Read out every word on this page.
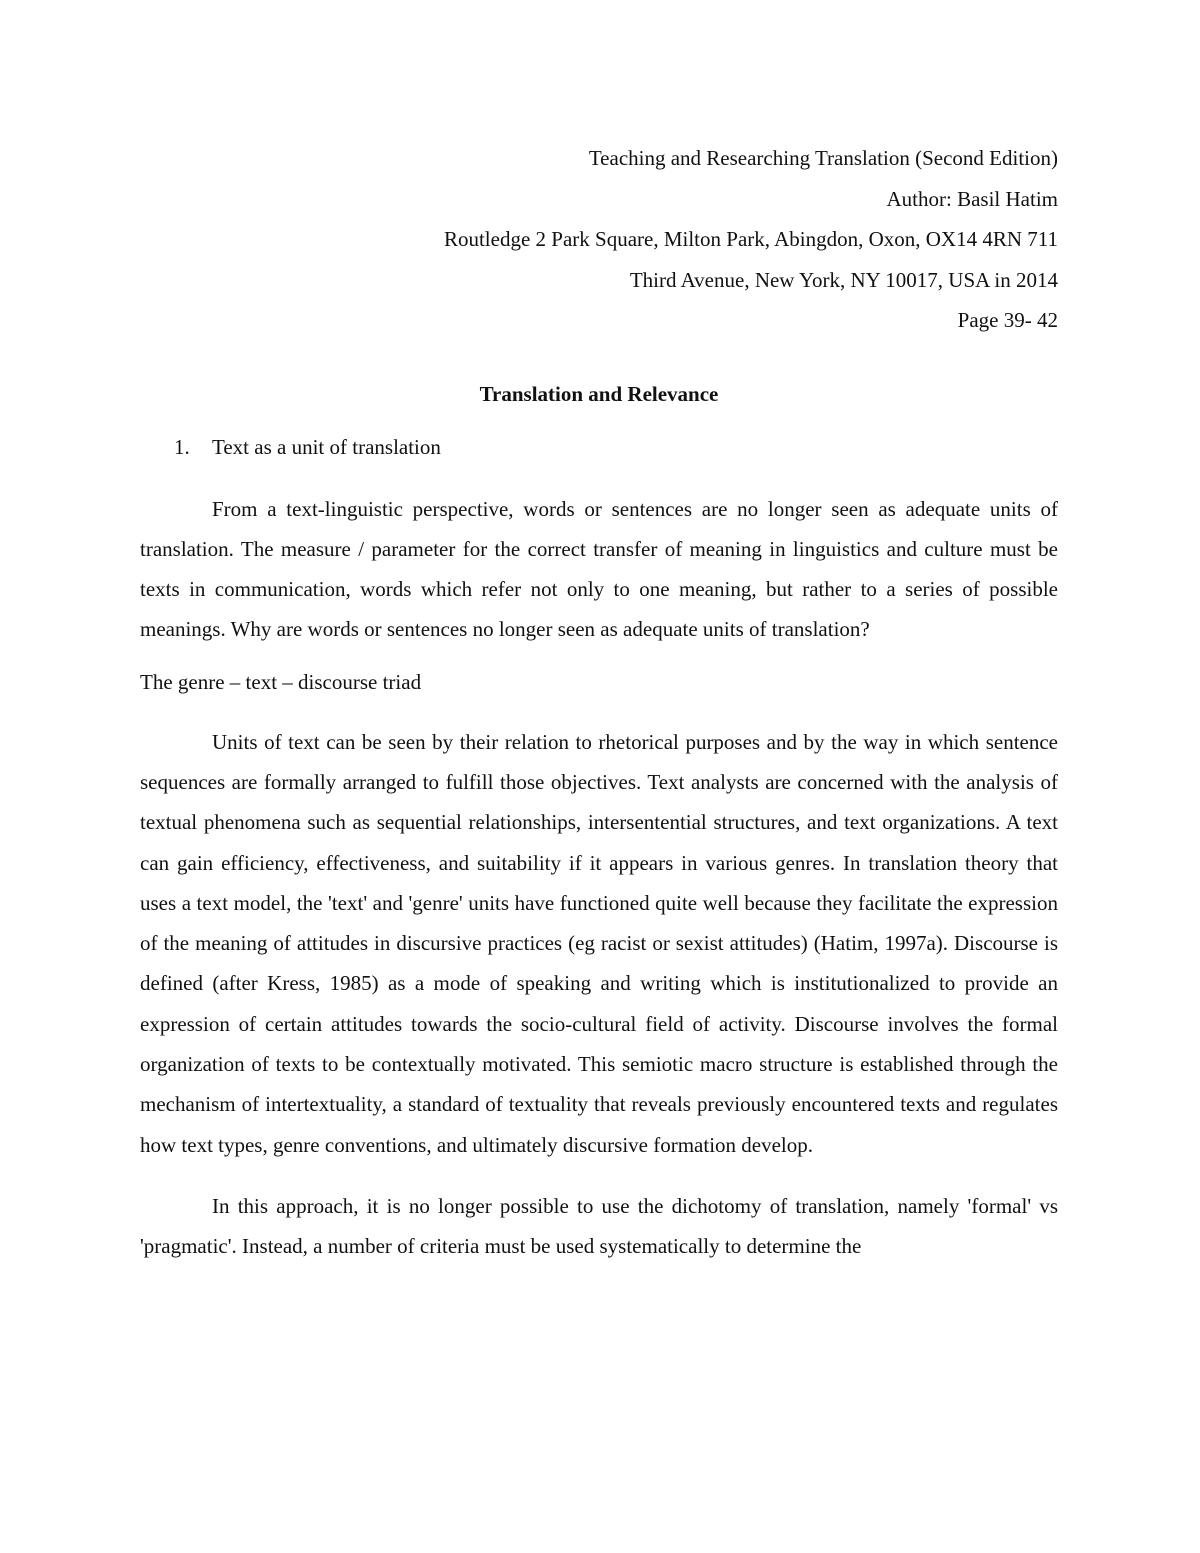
Teaching and Researching Translation (Second Edition)
Author: Basil Hatim
Routledge 2 Park Square, Milton Park, Abingdon, Oxon, OX14 4RN 711
Third Avenue, New York, NY 10017, USA in 2014
Page 39- 42
Translation and Relevance
1.	Text as a unit of translation

From a text-linguistic perspective, words or sentences are no longer seen as adequate units of translation. The measure / parameter for the correct transfer of meaning in linguistics and culture must be texts in communication, words which refer not only to one meaning, but rather to a series of possible meanings. Why are words or sentences no longer seen as adequate units of translation?

The genre – text – discourse triad

Units of text can be seen by their relation to rhetorical purposes and by the way in which sentence sequences are formally arranged to fulfill those objectives. Text analysts are concerned with the analysis of textual phenomena such as sequential relationships, intersentential structures, and text organizations. A text can gain efficiency, effectiveness, and suitability if it appears in various genres. In translation theory that uses a text model, the 'text' and 'genre' units have functioned quite well because they facilitate the expression of the meaning of attitudes in discursive practices (eg racist or sexist attitudes) (Hatim, 1997a). Discourse is defined (after Kress, 1985) as a mode of speaking and writing which is institutionalized to provide an expression of certain attitudes towards the socio-cultural field of activity. Discourse involves the formal organization of texts to be contextually motivated. This semiotic macro structure is established through the mechanism of intertextuality, a standard of textuality that reveals previously encountered texts and regulates how text types, genre conventions, and ultimately discursive formation develop.

In this approach, it is no longer possible to use the dichotomy of translation, namely 'formal' vs 'pragmatic'. Instead, a number of criteria must be used systematically to determine the
